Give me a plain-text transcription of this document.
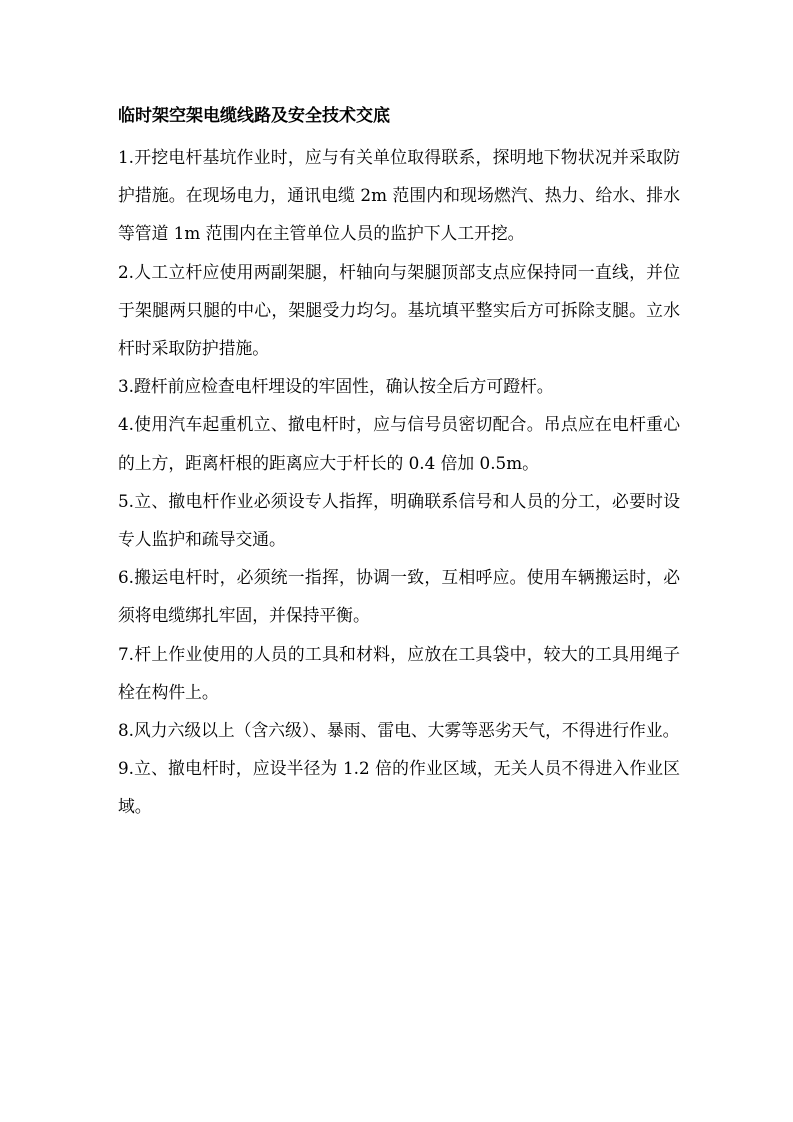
临时架空架电缆线路及安全技术交底

1.开挖电杆基坑作业时，应与有关单位取得联系，探明地下物状况并采取防护措施。在现场电力，通讯电缆 2m 范围内和现场燃汽、热力、给水、排水等管道 1m 范围内在主管单位人员的监护下人工开挖。

2.人工立杆应使用两副架腿，杆轴向与架腿顶部支点应保持同一直线，并位于架腿两只腿的中心，架腿受力均匀。基坑填平整实后方可拆除支腿。立水杆时采取防护措施。

3.蹬杆前应检查电杆埋设的牢固性，确认按全后方可蹬杆。

4.使用汽车起重机立、撤电杆时，应与信号员密切配合。吊点应在电杆重心的上方，距离杆根的距离应大于杆长的 0.4 倍加 0.5m。

5.立、撤电杆作业必须设专人指挥，明确联系信号和人员的分工，必要时设专人监护和疏导交通。

6.搬运电杆时，必须统一指挥，协调一致，互相呼应。使用车辆搬运时，必须将电缆绑扎牢固，并保持平衡。

7.杆上作业使用的人员的工具和材料，应放在工具袋中，较大的工具用绳子栓在构件上。

8.风力六级以上（含六级）、暴雨、雷电、大雾等恶劣天气，不得进行作业。

9.立、撤电杆时，应设半径为 1.2 倍的作业区域，无关人员不得进入作业区域。
